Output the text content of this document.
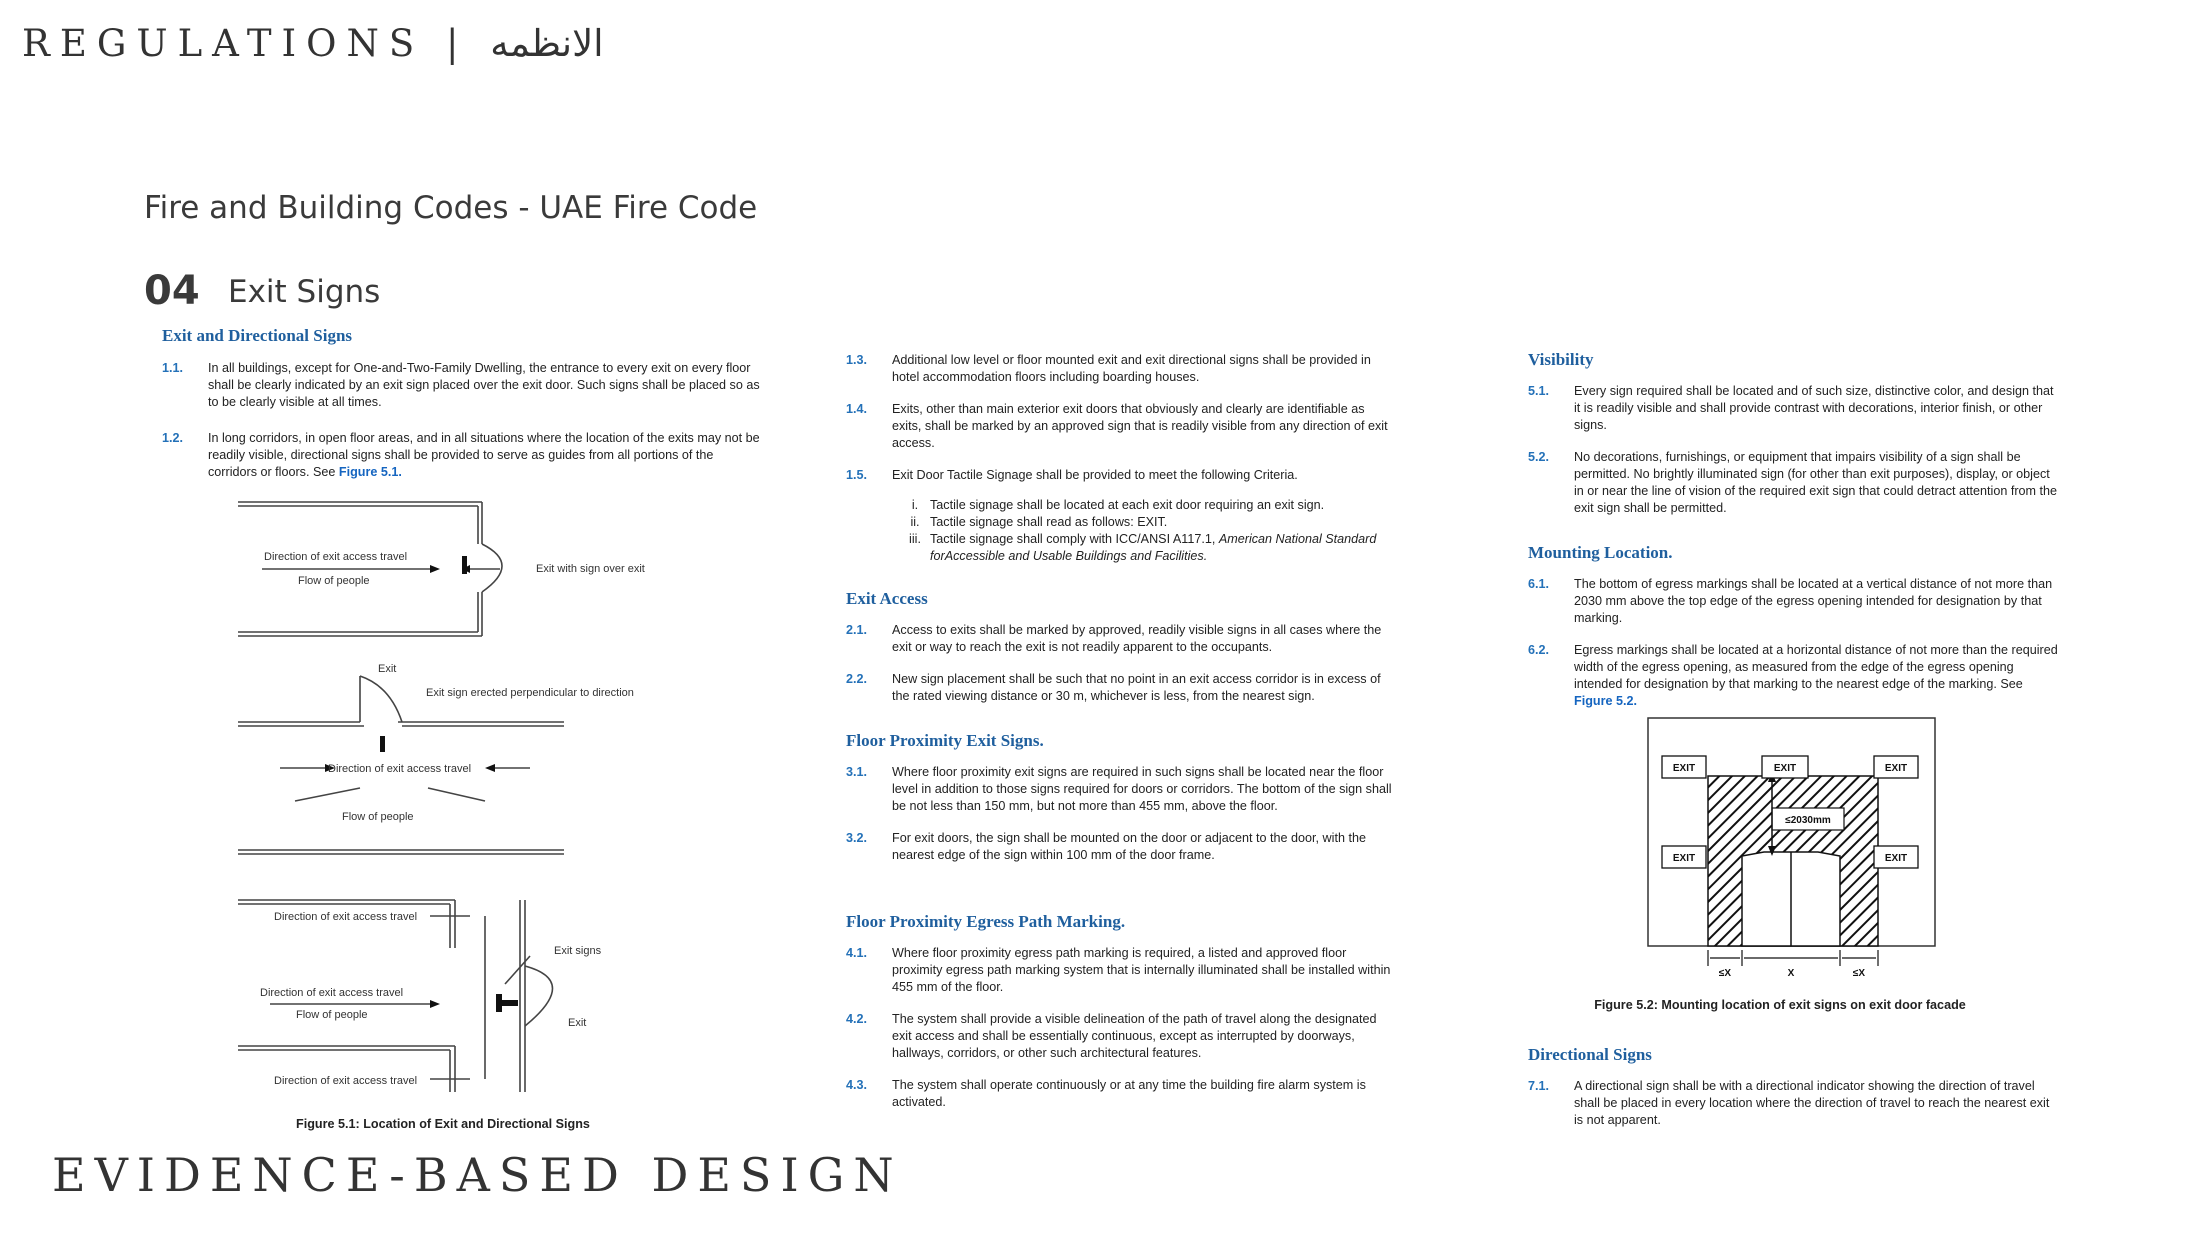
REGULATIONS | الانظمه
Fire and Building Codes - UAE Fire Code
04 Exit Signs
Exit and Directional Signs
1.1.	In all buildings, except for One-and-Two-Family Dwelling, the entrance to every exit on every floor shall be clearly indicated by an exit sign placed over the exit door. Such signs shall be placed so as to be clearly visible at all times.
1.2.	In long corridors, in open floor areas, and in all situations where the location of the exits may not be readily visible, directional signs shall be provided to serve as guides from all portions of the corridors or floors. See Figure 5.1.
Direction of exit access travel
Flow of people
Exit with sign over exit
Exit
Exit sign erected perpendicular to direction
Direction of exit access travel
Flow of people
Direction of exit access travel
Exit signs
Direction of exit access travel
Flow of people
Exit
Direction of exit access travel
Figure 5.1: Location of Exit and Directional Signs
1.3.	Additional low level or floor mounted exit and exit directional signs shall be provided in hotel accommodation floors including boarding houses.
1.4.	Exits, other than main exterior exit doors that obviously and clearly are identifiable as exits, shall be marked by an approved sign that is readily visible from any direction of exit access.
1.5.	Exit Door Tactile Signage shall be provided to meet the following Criteria.
i. Tactile signage shall be located at each exit door requiring an exit sign.
ii. Tactile signage shall read as follows: EXIT.
iii. Tactile signage shall comply with ICC/ANSI A117.1, American National Standard forAccessible and Usable Buildings and Facilities.
Exit Access
2.1.	Access to exits shall be marked by approved, readily visible signs in all cases where the exit or way to reach the exit is not readily apparent to the occupants.
2.2.	New sign placement shall be such that no point in an exit access corridor is in excess of the rated viewing distance or 30 m, whichever is less, from the nearest sign.
Floor Proximity Exit Signs.
3.1.	Where floor proximity exit signs are required in such signs shall be located near the floor level in addition to those signs required for doors or corridors. The bottom of the sign shall be not less than 150 mm, but not more than 455 mm, above the floor.
3.2.	For exit doors, the sign shall be mounted on the door or adjacent to the door, with the nearest edge of the sign within 100 mm of the door frame.
Floor Proximity Egress Path Marking.
4.1.	Where floor proximity egress path marking is required, a listed and approved floor proximity egress path marking system that is internally illuminated shall be installed within 455 mm of the floor.
4.2.	The system shall provide a visible delineation of the path of travel along the designated exit access and shall be essentially continuous, except as interrupted by doorways, hallways, corridors, or other such architectural features.
4.3.	The system shall operate continuously or at any time the building fire alarm system is activated.
Visibility
5.1.	Every sign required shall be located and of such size, distinctive color, and design that it is readily visible and shall provide contrast with decorations, interior finish, or other signs.
5.2.	No decorations, furnishings, or equipment that impairs visibility of a sign shall be permitted. No brightly illuminated sign (for other than exit purposes), display, or object in or near the line of vision of the required exit sign that could detract attention from the exit sign shall be permitted.
Mounting Location.
6.1.	The bottom of egress markings shall be located at a vertical distance of not more than 2030 mm above the top edge of the egress opening intended for designation by that marking.
6.2.	Egress markings shall be located at a horizontal distance of not more than the required width of the egress opening, as measured from the edge of the egress opening intended for designation by that marking to the nearest edge of the marking. See Figure 5.2.
EXIT	EXIT	EXIT
EXIT	EXIT
≤2030mm
≤X	X	≤X
Figure 5.2: Mounting location of exit signs on exit door facade
Directional Signs
7.1.	A directional sign shall be with a directional indicator showing the direction of travel shall be placed in every location where the direction of travel to reach the nearest exit is not apparent.
EVIDENCE-BASED DESIGN
